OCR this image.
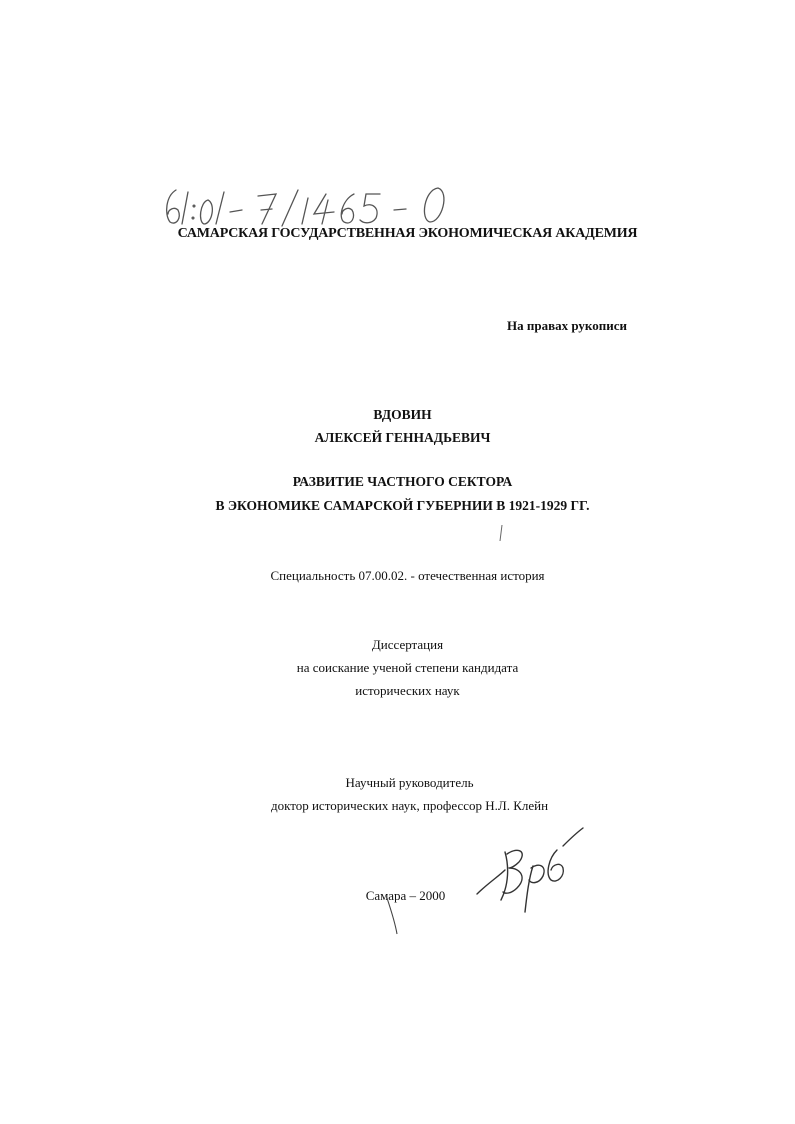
САМАРСКАЯ ГОСУДАРСТВЕННАЯ ЭКОНОМИЧЕСКАЯ АКАДЕМИЯ
На правах рукописи
ВДОВИН
АЛЕКСЕЙ ГЕННАДЬЕВИЧ
РАЗВИТИЕ ЧАСТНОГО СЕКТОРА
В ЭКОНОМИКЕ САМАРСКОЙ ГУБЕРНИИ В 1921-1929 ГГ.
Специальность 07.00.02. - отечественная история
Диссертация
на соискание ученой степени кандидата
исторических наук
Научный руководитель
доктор исторических наук, профессор Н.Л. Клейн
Самара – 2000
